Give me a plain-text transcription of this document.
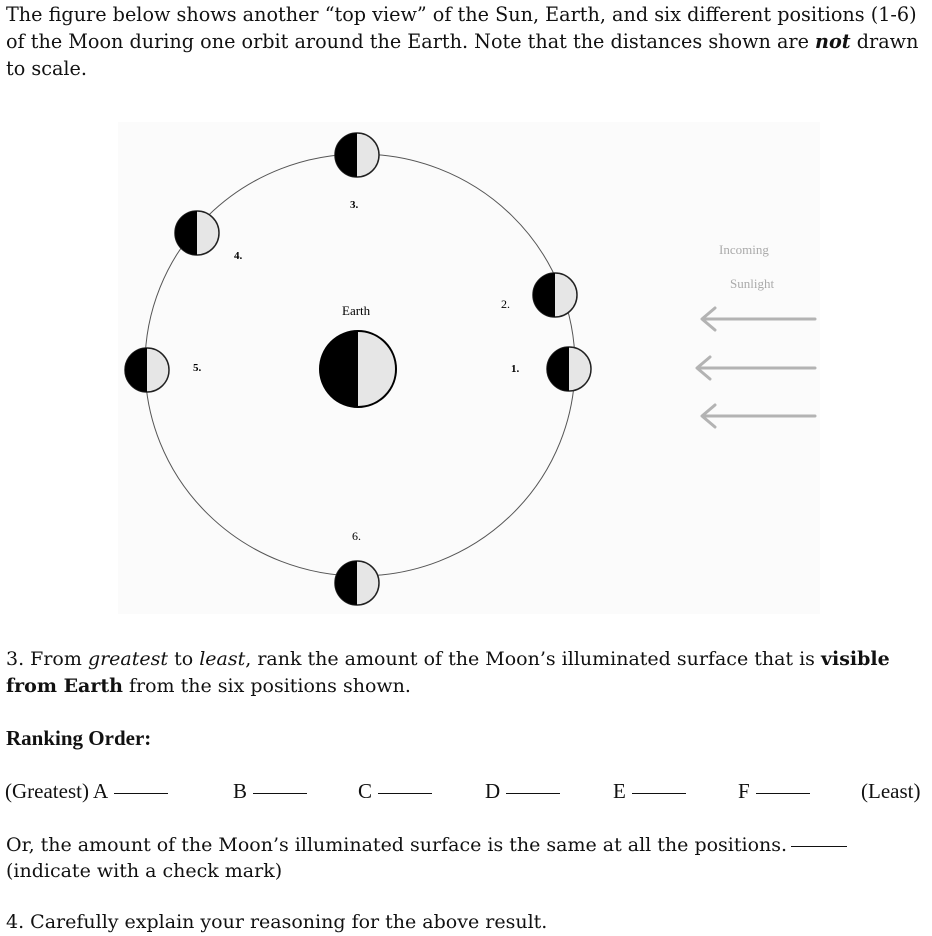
The figure below shows another “top view” of the Sun, Earth, and six different positions (1-6) of the Moon during one orbit around the Earth. Note that the distances shown are not drawn to scale.
Earth
1.
2.
3.
4.
5.
6.
Incoming
Sunlight
3. From greatest to least, rank the amount of the Moon’s illuminated surface that is visible from Earth from the six positions shown.
Ranking Order:
(Greatest) A	B	C	D	E	F	(Least)
Or, the amount of the Moon’s illuminated surface is the same at all the positions.
(indicate with a check mark)
4. Carefully explain your reasoning for the above result.
